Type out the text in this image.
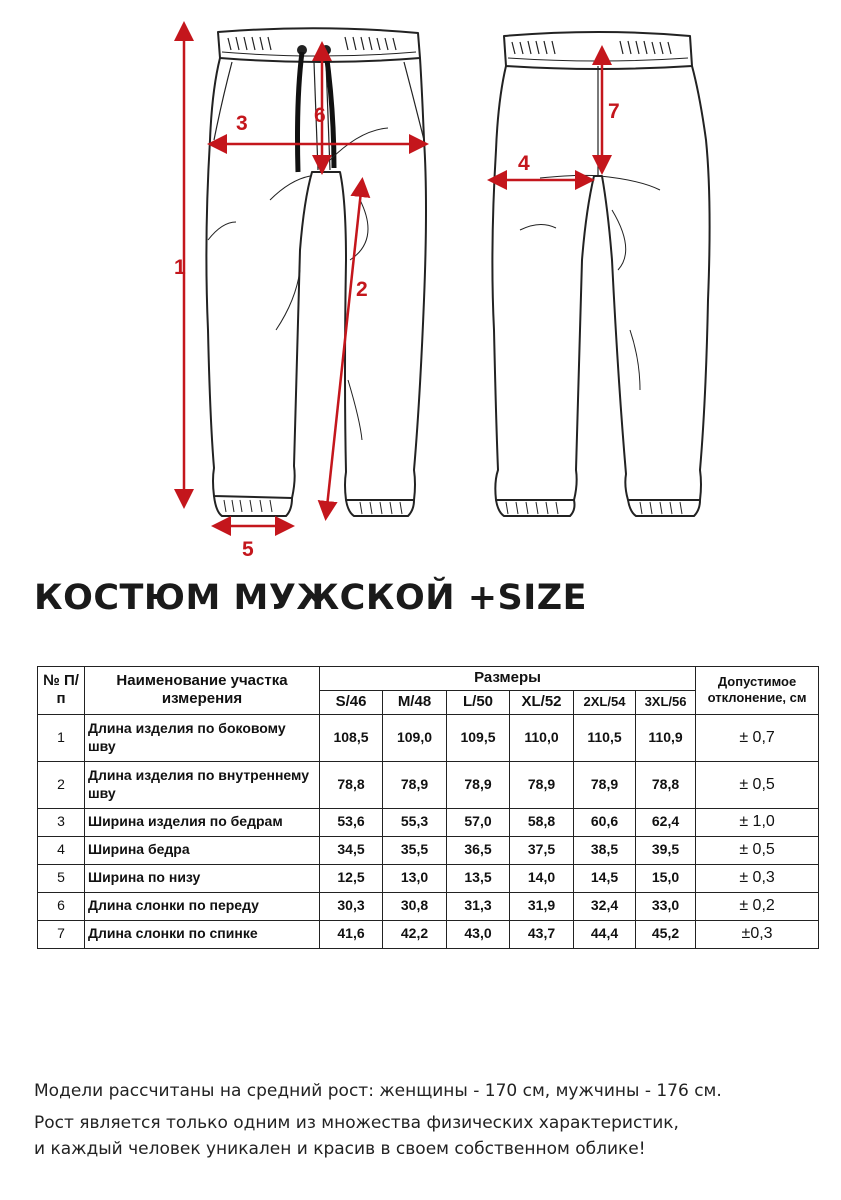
1
2
3
4
5
6	7
КОСТЮМ МУЖСКОЙ +SIZE
№ П/п	Наименование участка измерения	Размеры						Допустимое отклонение, см
		S/46	M/48	L/50	XL/52	2XL/54	3XL/56	
1	Длина изделия по боковому шву	108,5	109,0	109,5	110,0	110,5	110,9	± 0,7
2	Длина изделия по внутреннему шву	78,8	78,9	78,9	78,9	78,9	78,8	± 0,5
3	Ширина изделия по бедрам	53,6	55,3	57,0	58,8	60,6	62,4	± 1,0
4	Ширина бедра	34,5	35,5	36,5	37,5	38,5	39,5	± 0,5
5	Ширина по низу	12,5	13,0	13,5	14,0	14,5	15,0	± 0,3
6	Длина слонки по переду	30,3	30,8	31,3	31,9	32,4	33,0	± 0,2
7	Длина слонки по спинке	41,6	42,2	43,0	43,7	44,4	45,2	±0,3

Модели рассчитаны на средний рост: женщины - 170 см, мужчины - 176 см.

Рост является только одним из множества физических характеристик,

и каждый человек уникален и красив в своем собственном облике!
